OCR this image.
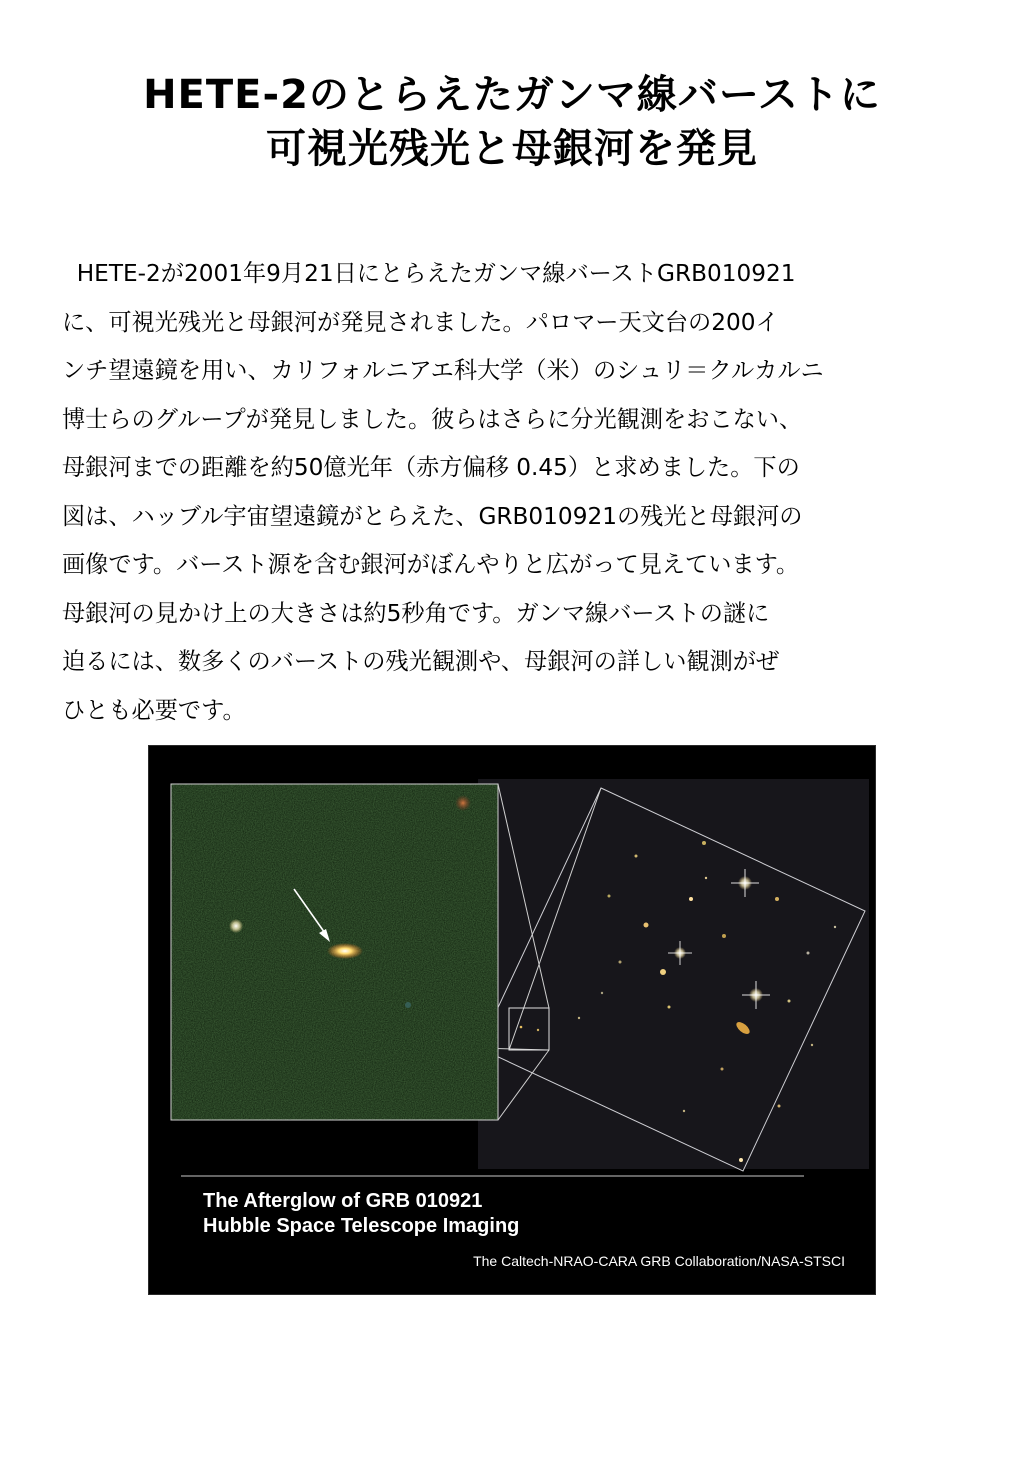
HETE-2のとらえたガンマ線バーストに
可視光残光と母銀河を発見
HETE-2が2001年9月21日にとらえたガンマ線バーストGRB010921
に、可視光残光と母銀河が発見されました。パロマー天文台の200イ
ンチ望遠鏡を用い、カリフォルニアエ科大学（米）のシュリ＝クルカルニ
博士らのグループが発見しました。彼らはさらに分光観測をおこない、
母銀河までの距離を約50億光年（赤方偏移 0.45）と求めました。下の
図は、ハッブル宇宙望遠鏡がとらえた、GRB010921の残光と母銀河の
画像です。バースト源を含む銀河がぼんやりと広がって見えています。
母銀河の見かけ上の大きさは約5秒角です。ガンマ線バーストの謎に
迫るには、数多くのバーストの残光観測や、母銀河の詳しい観測がぜ
ひとも必要です。
The Afterglow of GRB 010921
Hubble Space Telescope Imaging
The Caltech-NRAO-CARA GRB Collaboration/NASA-STSCI
